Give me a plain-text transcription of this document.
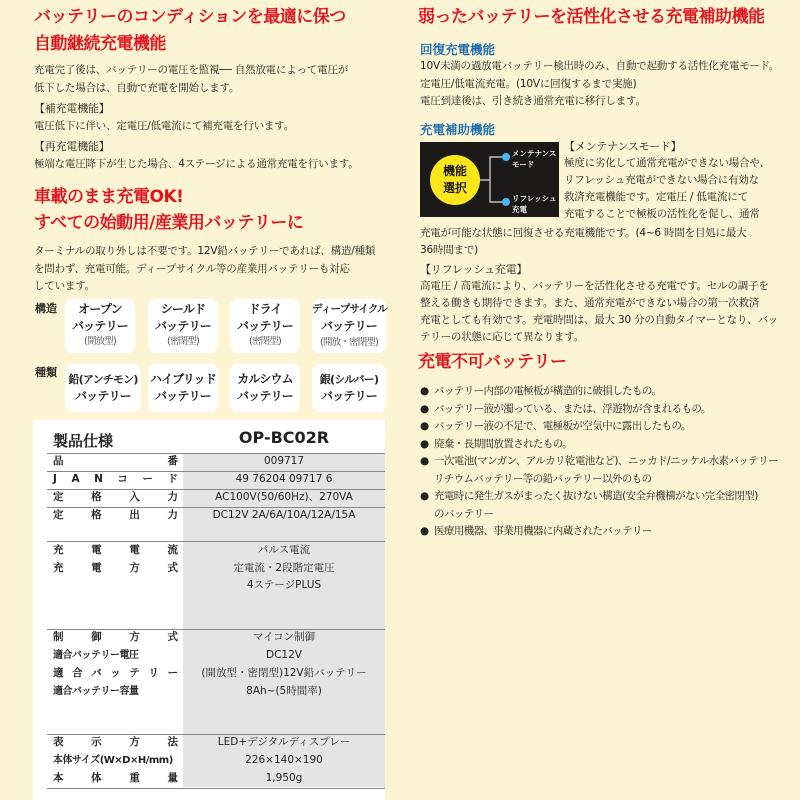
バッテリーのコンディションを最適に保つ
自動継続充電機能
充電完了後は、バッテリーの電圧を監視── 自然放電によって電圧が
低下した場合は、自動で充電を開始します。
【補充電機能】
電圧低下に伴い、定電圧/低電流にて補充電を行います。
【再充電機能】
極端な電圧降下が生じた場合、4ステージによる通常充電を行います。
車載のまま充電OK!
すべての始動用/産業用バッテリーに
ターミナルの取り外しは不要です。12V鉛バッテリーであれば、構造/種類
を問わず、充電可能。ディープサイクル等の産業用バッテリーも対応
しています。
構造
種類
オープン
バッテリー
(開放型)
シールド
バッテリー
(密閉型)
ドライ
バッテリー
(密閉型)
ディープサイクル
バッテリー
(開放・密閉型)
鉛(アンチモン)
バッテリー
ハイブリッド
バッテリー
カルシウム
バッテリー
銀(シルバー)
バッテリー
製品仕様	OP-BC02R
品	番	009717
J A N コ ー ド	49 76204 09717 6
定	格	入	力	AC100V(50/60Hz)、270VA
定	格	出	力	DC12V 2A/6A/10A/12A/15A
充	電	電	流	パルス電流
充	電	方	式	定電流・2段階定電圧
4ステージPLUS
制	御	方	式	マイコン制御
適合バッテリー電圧	DC12V
適 合 バ ッ テ リ ー	(開放型・密閉型)12V鉛バッテリー
適合バッテリー容量	8Ah~(5時間率)
表	示	方	法	LED+デジタルディスプレー
本体サイズ(W×D×H/mm)	226×140×190
本	体	重	量	1,950g
弱ったバッテリーを活性化させる充電補助機能
回復充電機能
10V未満の過放電バッテリー検出時のみ、自動で起動する活性化充電モード。
定電圧/低電流充電。(10Vに回復するまで実施)
電圧到達後は、引き続き通常充電に移行します。
充電補助機能
機能
選択
メンテナンス
モード
リフレッシュ
充電
【メンテナンスモード】
極度に劣化して通常充電ができない場合や、
リフレッシュ充電ができない場合に有効な
救済充電機能です。定電圧 / 低電流にて
充電することで極板の活性化を促し、通常
充電が可能な状態に回復させる充電機能です。(4~6 時間を目処に最大
36時間まで)
【リフレッシュ充電】
高電圧 / 高電流により、バッテリーを活性化させる充電です。セルの調子を
整える働きも期待できます。また、通常充電ができない場合の第一次救済
充電としても有効です。充電時間は、最大 30 分の自動タイマーとなり、バッ
テリーの状態に応じて異なります。
充電不可バッテリー
● バッテリー内部の電極板が構造的に破損したもの。
● バッテリー液が濁っている、または、浮遊物が含まれるもの。
● バッテリー液の不足で、電極板が空気中に露出したもの。
● 廃棄・長期間放置されたもの。
● 一次電池(マンガン、アルカリ乾電池など)、ニッカド/ニッケル水素バッテリー
リチウムバッテリー等の鉛バッテリー以外のもの
● 充電時に発生ガスがまったく抜けない構造(安全弁機構がない完全密閉型)
のバッテリー
● 医療用機器、事業用機器に内蔵されたバッテリー
